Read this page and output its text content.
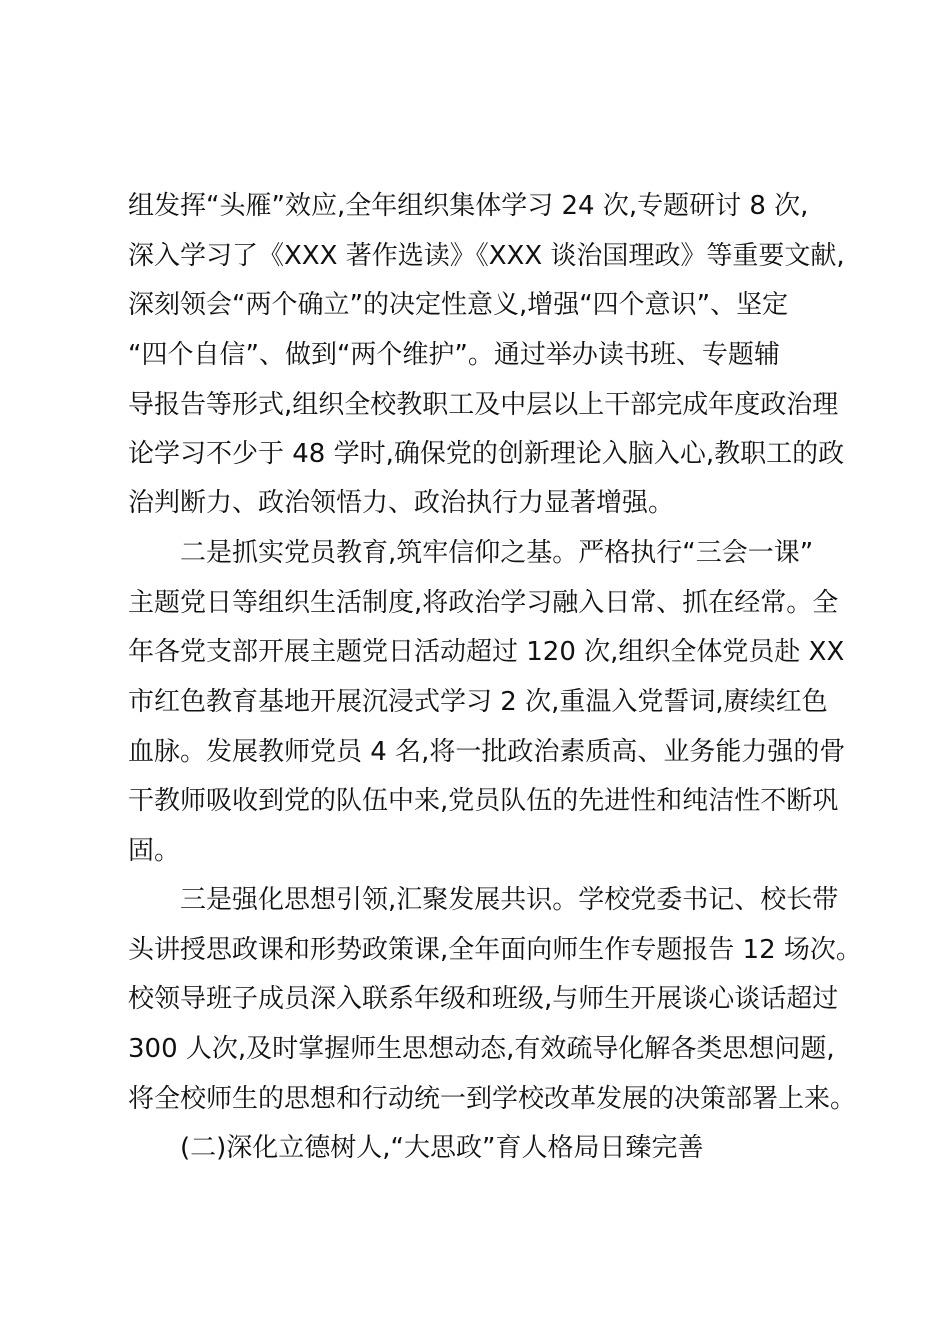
组发挥“头雁”效应,全年组织集体学习 24 次,专题研讨 8 次,
深入学习了《XXX 著作选读》《XXX 谈治国理政》等重要文献,
深刻领会“两个确立”的决定性意义,增强“四个意识”、坚定
“四个自信”、做到“两个维护”。通过举办读书班、专题辅
导报告等形式,组织全校教职工及中层以上干部完成年度政治理
论学习不少于 48 学时,确保党的创新理论入脑入心,教职工的政
治判断力、政治领悟力、政治执行力显著增强。
二是抓实党员教育,筑牢信仰之基。严格执行“三会一课”
主题党日等组织生活制度,将政治学习融入日常、抓在经常。全
年各党支部开展主题党日活动超过 120 次,组织全体党员赴 XX
市红色教育基地开展沉浸式学习 2 次,重温入党誓词,赓续红色
血脉。发展教师党员 4 名,将一批政治素质高、业务能力强的骨
干教师吸收到党的队伍中来,党员队伍的先进性和纯洁性不断巩
固。
三是强化思想引领,汇聚发展共识。学校党委书记、校长带
头讲授思政课和形势政策课,全年面向师生作专题报告 12 场次。
校领导班子成员深入联系年级和班级,与师生开展谈心谈话超过
300 人次,及时掌握师生思想动态,有效疏导化解各类思想问题,
将全校师生的思想和行动统一到学校改革发展的决策部署上来。
(二)深化立德树人,“大思政”育人格局日臻完善
